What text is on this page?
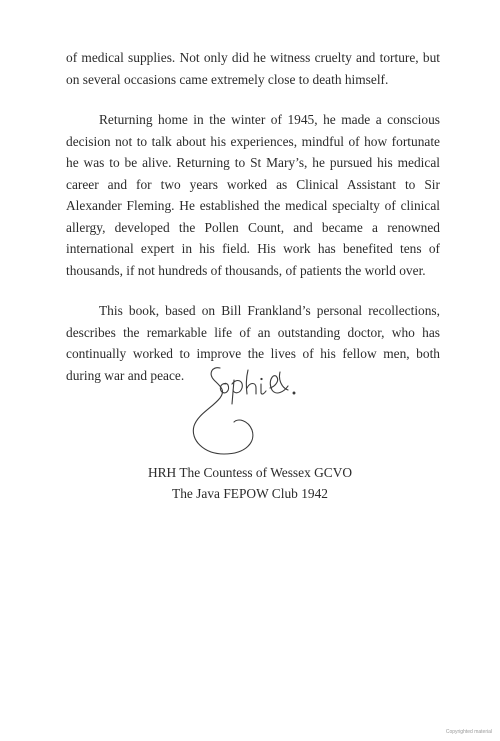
of medical supplies. Not only did he witness cruelty and torture, but on several occasions came extremely close to death himself.

Returning home in the winter of 1945, he made a conscious decision not to talk about his experiences, mindful of how fortunate he was to be alive. Returning to St Mary’s, he pursued his medical career and for two years worked as Clinical Assistant to Sir Alexander Fleming. He established the medical specialty of clinical allergy, developed the Pollen Count, and became a renowned international expert in his field. His work has benefited tens of thousands, if not hundreds of thousands, of patients the world over.

This book, based on Bill Frankland’s personal recollections, describes the remarkable life of an outstanding doctor, who has continually worked to improve the lives of his fellow men, both during war and peace.

HRH The Countess of Wessex GCVO
The Java FEPOW Club 1942
Copyrighted material
